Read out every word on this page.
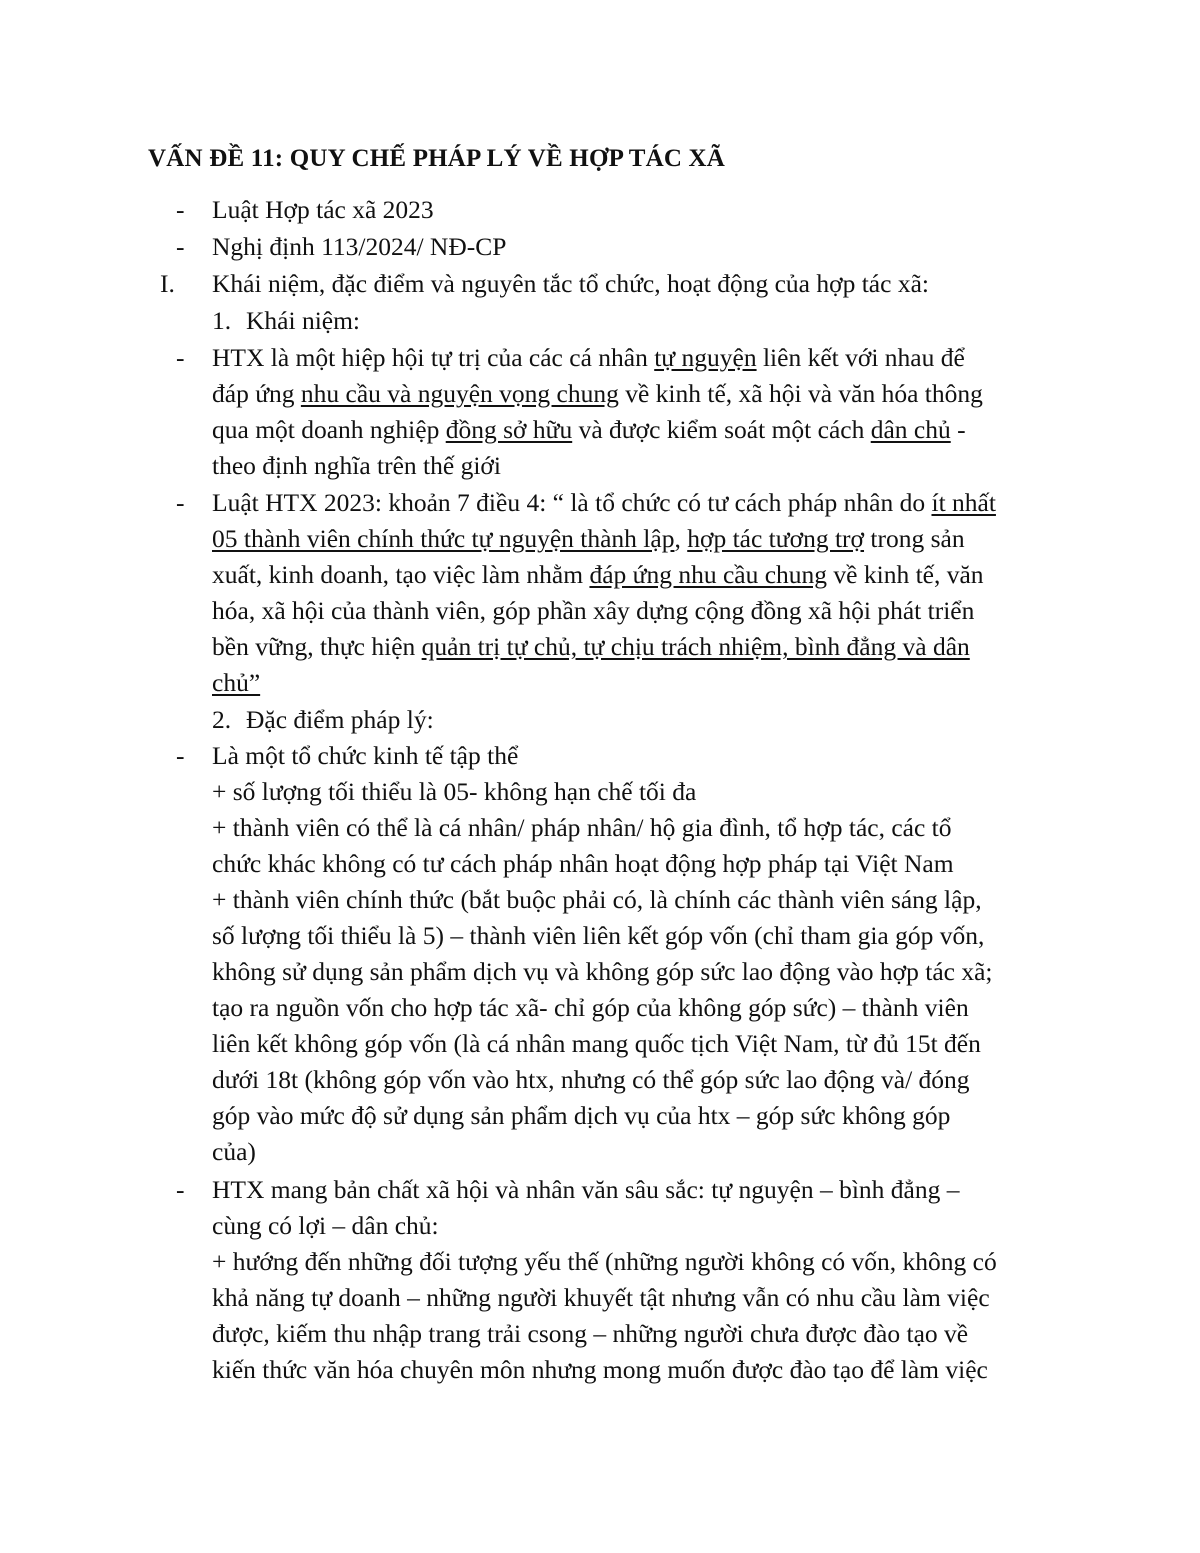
VẤN ĐỀ 11: QUY CHẾ PHÁP LÝ VỀ HỢP TÁC XÃ
- Luật Hợp tác xã 2023
- Nghị định 113/2024/ NĐ-CP
I. Khái niệm, đặc điểm và nguyên tắc tổ chức, hoạt động của hợp tác xã:
1. Khái niệm:
- HTX là một hiệp hội tự trị của các cá nhân tự nguyện liên kết với nhau để
đáp ứng nhu cầu và nguyện vọng chung về kinh tế, xã hội và văn hóa thông
qua một doanh nghiệp đồng sở hữu và được kiểm soát một cách dân chủ -
theo định nghĩa trên thế giới
- Luật HTX 2023: khoản 7 điều 4: “ là tổ chức có tư cách pháp nhân do ít nhất
05 thành viên chính thức tự nguyện thành lập, hợp tác tương trợ trong sản
xuất, kinh doanh, tạo việc làm nhằm đáp ứng nhu cầu chung về kinh tế, văn
hóa, xã hội của thành viên, góp phần xây dựng cộng đồng xã hội phát triển
bền vững, thực hiện quản trị tự chủ, tự chịu trách nhiệm, bình đẳng và dân
chủ”
2. Đặc điểm pháp lý:
- Là một tổ chức kinh tế tập thể
+ số lượng tối thiểu là 05- không hạn chế tối đa
+ thành viên có thể là cá nhân/ pháp nhân/ hộ gia đình, tổ hợp tác, các tổ
chức khác không có tư cách pháp nhân hoạt động hợp pháp tại Việt Nam
+ thành viên chính thức (bắt buộc phải có, là chính các thành viên sáng lập,
số lượng tối thiểu là 5) – thành viên liên kết góp vốn (chỉ tham gia góp vốn,
không sử dụng sản phẩm dịch vụ và không góp sức lao động vào hợp tác xã;
tạo ra nguồn vốn cho hợp tác xã- chỉ góp của không góp sức) – thành viên
liên kết không góp vốn (là cá nhân mang quốc tịch Việt Nam, từ đủ 15t đến
dưới 18t (không góp vốn vào htx, nhưng có thể góp sức lao động và/ đóng
góp vào mức độ sử dụng sản phẩm dịch vụ của htx – góp sức không góp
của)
- HTX mang bản chất xã hội và nhân văn sâu sắc: tự nguyện – bình đẳng –
cùng có lợi – dân chủ:
+ hướng đến những đối tượng yếu thế (những người không có vốn, không có
khả năng tự doanh – những người khuyết tật nhưng vẫn có nhu cầu làm việc
được, kiếm thu nhập trang trải csong – những người chưa được đào tạo về
kiến thức văn hóa chuyên môn nhưng mong muốn được đào tạo để làm việc
